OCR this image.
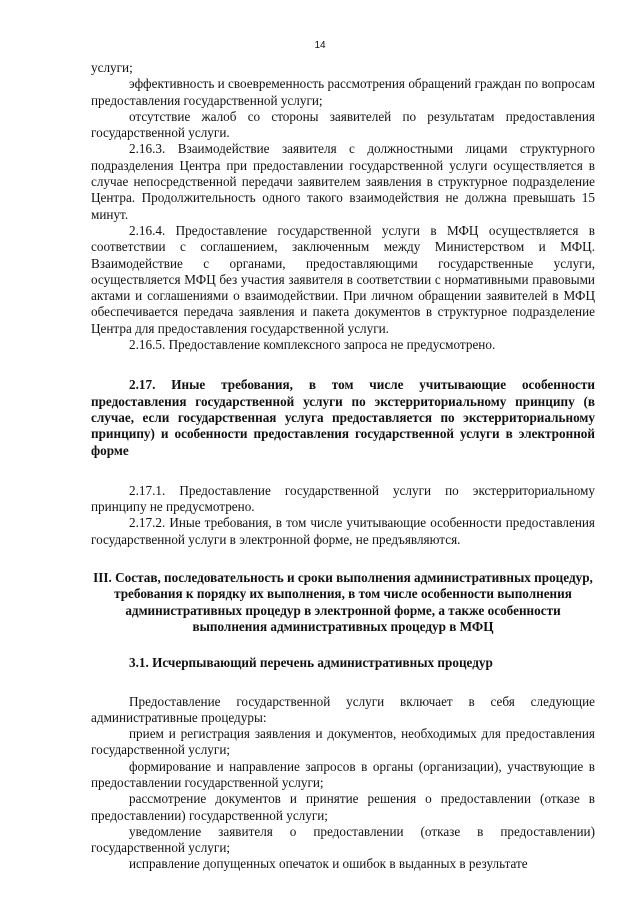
14

услуги;

эффективность и своевременность рассмотрения обращений граждан по вопросам предоставления государственной услуги;

отсутствие жалоб со стороны заявителей по результатам предоставления государственной услуги.

2.16.3. Взаимодействие заявителя с должностными лицами структурного подразделения Центра при предоставлении государственной услуги осуществляется в случае непосредственной передачи заявителем заявления в структурное подразделение Центра. Продолжительность одного такого взаимодействия не должна превышать 15 минут.

2.16.4. Предоставление государственной услуги в МФЦ осуществляется в соответствии с соглашением, заключенным между Министерством и МФЦ. Взаимодействие с органами, предоставляющими государственные услуги, осуществляется МФЦ без участия заявителя в соответствии с нормативными правовыми актами и соглашениями о взаимодействии. При личном обращении заявителей в МФЦ обеспечивается передача заявления и пакета документов в структурное подразделение Центра для предоставления государственной услуги.

2.16.5. Предоставление комплексного запроса не предусмотрено.

2.17. Иные требования, в том числе учитывающие особенности предоставления государственной услуги по экстерриториальному принципу (в случае, если государственная услуга предоставляется по экстерриториальному принципу) и особенности предоставления государственной услуги в электронной форме

2.17.1. Предоставление государственной услуги по экстерриториальному принципу не предусмотрено.

2.17.2. Иные требования, в том числе учитывающие особенности предоставления государственной услуги в электронной форме, не предъявляются.

III. Состав, последовательность и сроки выполнения административных процедур, требования к порядку их выполнения, в том числе особенности выполнения административных процедур в электронной форме, а также особенности выполнения административных процедур в МФЦ

3.1. Исчерпывающий перечень административных процедур

Предоставление государственной услуги включает в себя следующие административные процедуры:

прием и регистрация заявления и документов, необходимых для предоставления государственной услуги;

формирование и направление запросов в органы (организации), участвующие в предоставлении государственной услуги;

рассмотрение документов и принятие решения о предоставлении (отказе в предоставлении) государственной услуги;

уведомление заявителя о предоставлении (отказе в предоставлении) государственной услуги;

исправление допущенных опечаток и ошибок в выданных в результате
